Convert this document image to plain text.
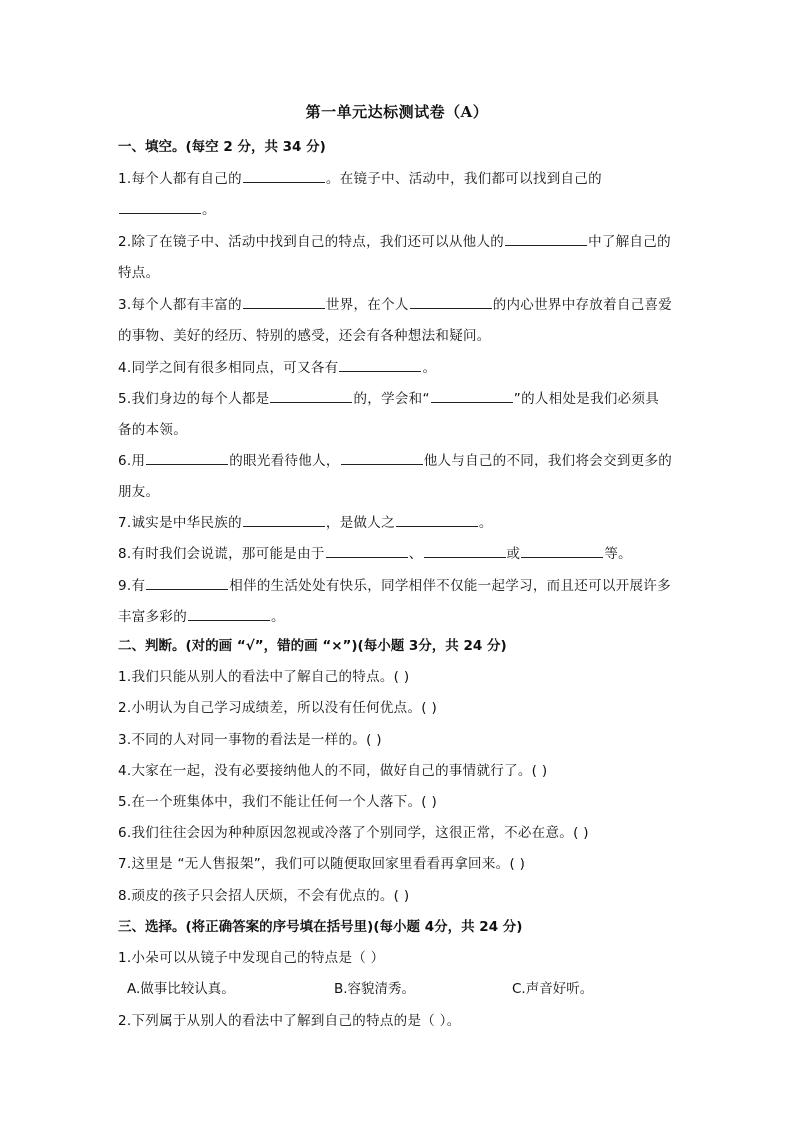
第一单元达标测试卷（A）
一、填空。(每空 2 分，共 34 分)
1.每个人都有自己的	。在镜子中、活动中，我们都可以找到自己的
。
2.除了在镜子中、活动中找到自己的特点，我们还可以从他人的	中了解自己的
特点。
3.每个人都有丰富的	世界，在个人	的内心世界中存放着自己喜爱
的事物、美好的经历、特别的感受，还会有各种想法和疑问。
4.同学之间有很多相同点，可又各有	。
5.我们身边的每个人都是	的，学会和“	”的人相处是我们必须具
备的本领。
6.用	的眼光看待他人，	他人与自己的不同，我们将会交到更多的
朋友。
7.诚实是中华民族的	，是做人之	。
8.有时我们会说谎，那可能是由于	、	或	等。
9.有	相伴的生活处处有快乐，同学相伴不仅能一起学习，而且还可以开展许多
丰富多彩的	。
二、判断。(对的画 “√”，错的画 “×”)(每小题 3分，共 24 分)
1.我们只能从别人的看法中了解自己的特点。( )
2.小明认为自己学习成绩差，所以没有任何优点。( )
3.不同的人对同一事物的看法是一样的。( )
4.大家在一起，没有必要接纳他人的不同，做好自己的事情就行了。( )
5.在一个班集体中，我们不能让任何一个人落下。( )
6.我们往往会因为种种原因忽视或冷落了个别同学，这很正常，不必在意。( )
7.这里是 “无人售报架”，我们可以随便取回家里看看再拿回来。( )
8.顽皮的孩子只会招人厌烦，不会有优点的。( )
三、选择。(将正确答案的序号填在括号里)(每小题 4分，共 24 分)
1.小朵可以从镜子中发现自己的特点是（ ）
A.做事比较认真。	B.容貌清秀。	C.声音好听。
2.下列属于从别人的看法中了解到自己的特点的是（ ）。
